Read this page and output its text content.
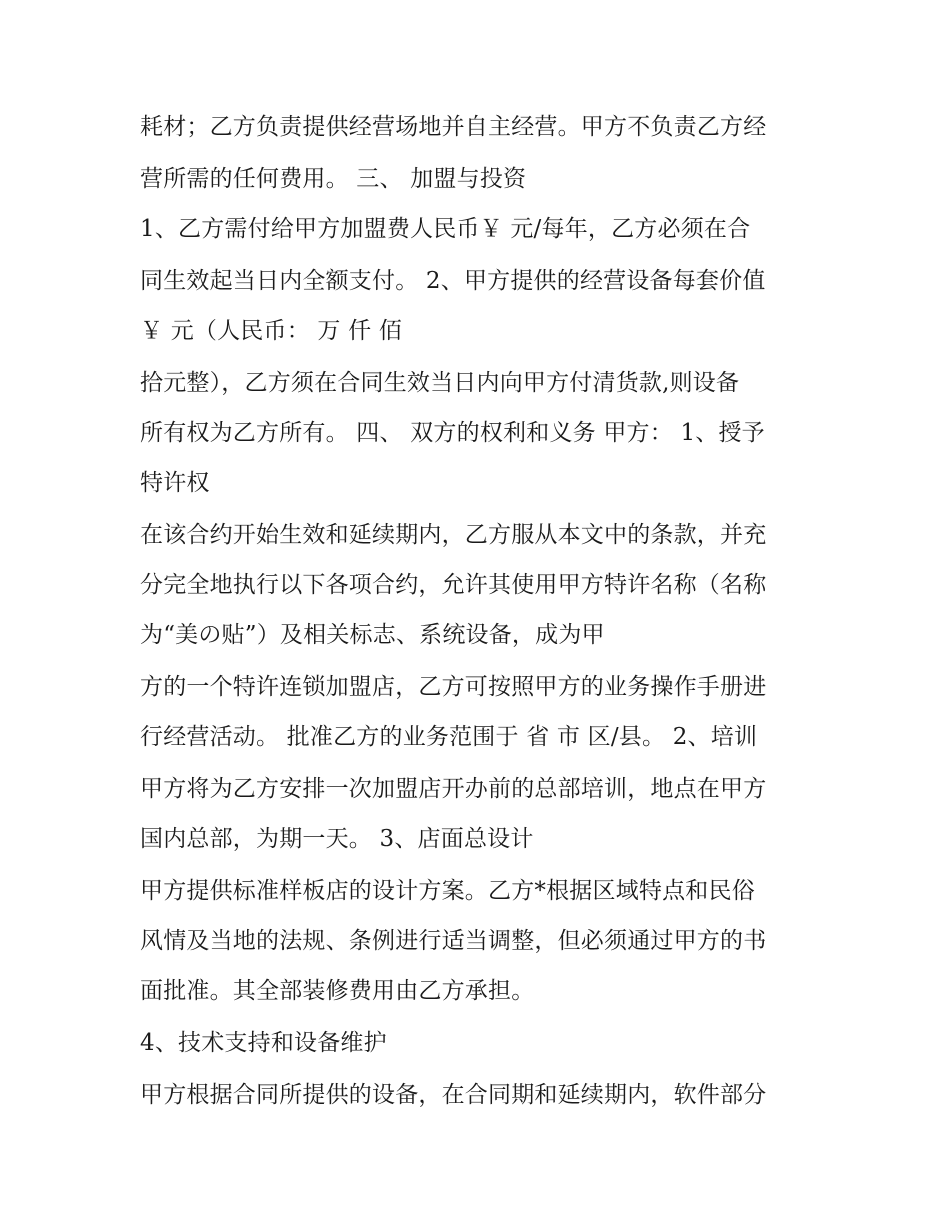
耗材；乙方负责提供经营场地并自主经营。甲方不负责乙方经
营所需的任何费用。 三、 加盟与投资
1、乙方需付给甲方加盟费人民币￥ 元/每年，乙方必须在合
同生效起当日内全额支付。 2、甲方提供的经营设备每套价值
￥ 元（人民币： 万 仟 佰
拾元整），乙方须在合同生效当日内向甲方付清货款,则设备
所有权为乙方所有。 四、 双方的权利和义务 甲方： 1、授予
特许权
在该合约开始生效和延续期内，乙方服从本文中的条款，并充
分完全地执行以下各项合约，允许其使用甲方特许名称（名称
为“美の贴”）及相关标志、系统设备，成为甲
方的一个特许连锁加盟店，乙方可按照甲方的业务操作手册进
行经营活动。 批准乙方的业务范围于 省 市 区/县。 2、培训
甲方将为乙方安排一次加盟店开办前的总部培训，地点在甲方
国内总部，为期一天。 3、店面总设计
甲方提供标准样板店的设计方案。乙方*根据区域特点和民俗
风情及当地的法规、条例进行适当调整，但必须通过甲方的书
面批准。其全部装修费用由乙方承担。
4、技术支持和设备维护
甲方根据合同所提供的设备，在合同期和延续期内，软件部分
